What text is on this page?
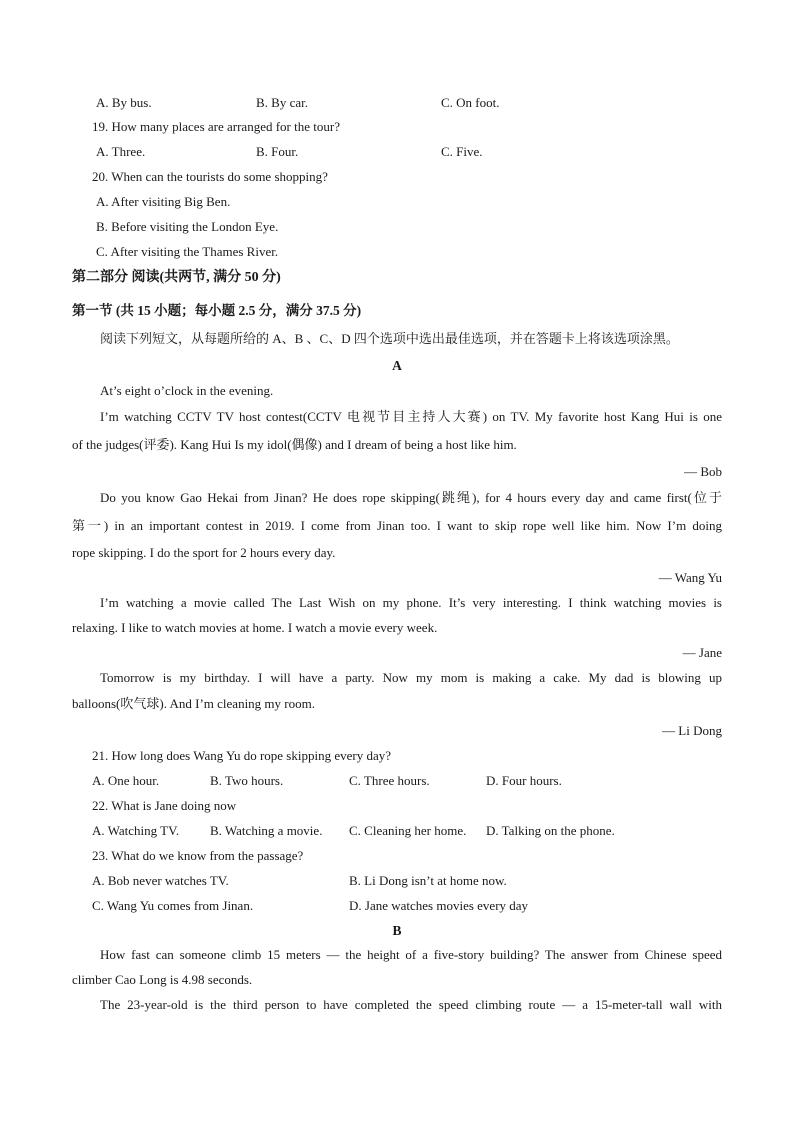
A. By bus.	B. By car.	C. On foot.
19. How many places are arranged for the tour?
A. Three.	B. Four.	C. Five.
20. When can the tourists do some shopping?
A. After visiting Big Ben.
B. Before visiting the London Eye.
C. After visiting the Thames River.
第二部分 阅读(共两节, 满分 50 分)
第一节 (共 15 小题；每小题 2.5 分，满分 37.5 分)
阅读下列短文，从每题所给的 A、B 、C、D 四个选项中选出最佳选项，并在答题卡上将该选项涂黑。
A
At’s eight o’clock in the evening.
I’m watching CCTV TV host contest(CCTV 电视节目主持人大赛) on TV. My favorite host Kang Hui is one
of the judges(评委). Kang Hui Is my idol(偶像) and I dream of being a host like him.
— Bob
Do you know Gao Hekai from Jinan? He does rope skipping(跳绳), for 4 hours every day and came first(位于
第一) in an important contest in 2019. I come from Jinan too. I want to skip rope well like him. Now I’m doing
rope skipping. I do the sport for 2 hours every day.
— Wang Yu
I’m watching a movie called The Last Wish on my phone. It’s very interesting. I think watching movies is
relaxing. I like to watch movies at home. I watch a movie every week.
— Jane
Tomorrow is my birthday. I will have a party. Now my mom is making a cake. My dad is blowing up
balloons(吹气球). And I’m cleaning my room.
— Li Dong
21. How long does Wang Yu do rope skipping every day?
A. One hour.	B. Two hours.	C. Three hours.	D. Four hours.
22. What is Jane doing now
A. Watching TV. B. Watching a movie. C. Cleaning her home. D. Talking on the phone.
23. What do we know from the passage?
A. Bob never watches TV.	B. Li Dong isn’t at home now.
C. Wang Yu comes from Jinan.	D. Jane watches movies every day
B
How fast can someone climb 15 meters — the height of a five-story building? The answer from Chinese speed
climber Cao Long is 4.98 seconds.
The 23-year-old is the third person to have completed the speed climbing route — a 15-meter-tall wall with
